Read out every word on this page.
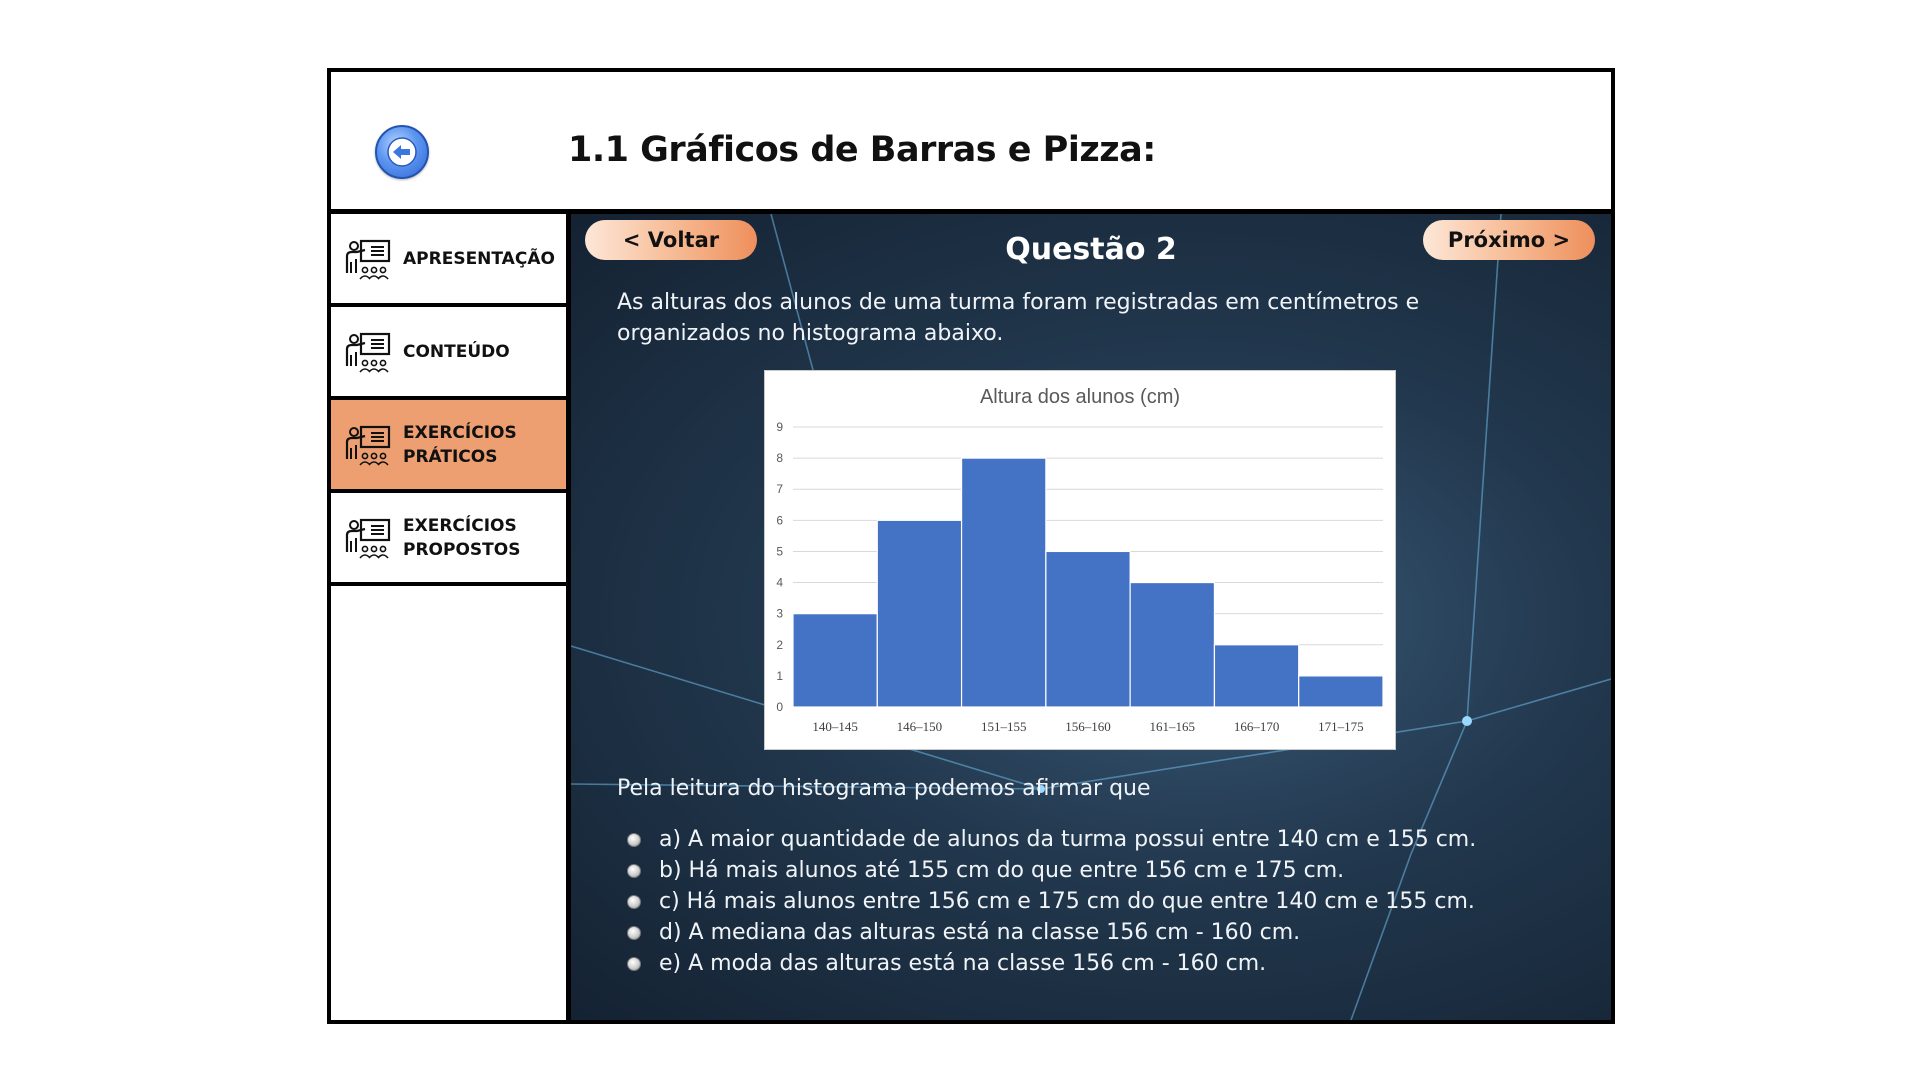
1.1 Gráficos de Barras e Pizza:
APRESENTAÇÃO
CONTEÚDO
EXERCÍCIOS PRÁTICOS
EXERCÍCIOS PROPOSTOS
< Voltar	Próximo >
Questão 2

As alturas dos alunos de uma turma foram registradas em centímetros e organizados no histograma abaixo.

Altura dos alunos (cm)
0
1
2
3
4
5
6
7
8
9
140–145	146–150	151–155	156–160	161–165	166–170	171–175

Pela leitura do histograma podemos afirmar que

a) A maior quantidade de alunos da turma possui entre 140 cm e 155 cm.
b) Há mais alunos até 155 cm do que entre 156 cm e 175 cm.
c) Há mais alunos entre 156 cm e 175 cm do que entre 140 cm e 155 cm.
d) A mediana das alturas está na classe 156 cm - 160 cm.
e) A moda das alturas está na classe 156 cm - 160 cm.
